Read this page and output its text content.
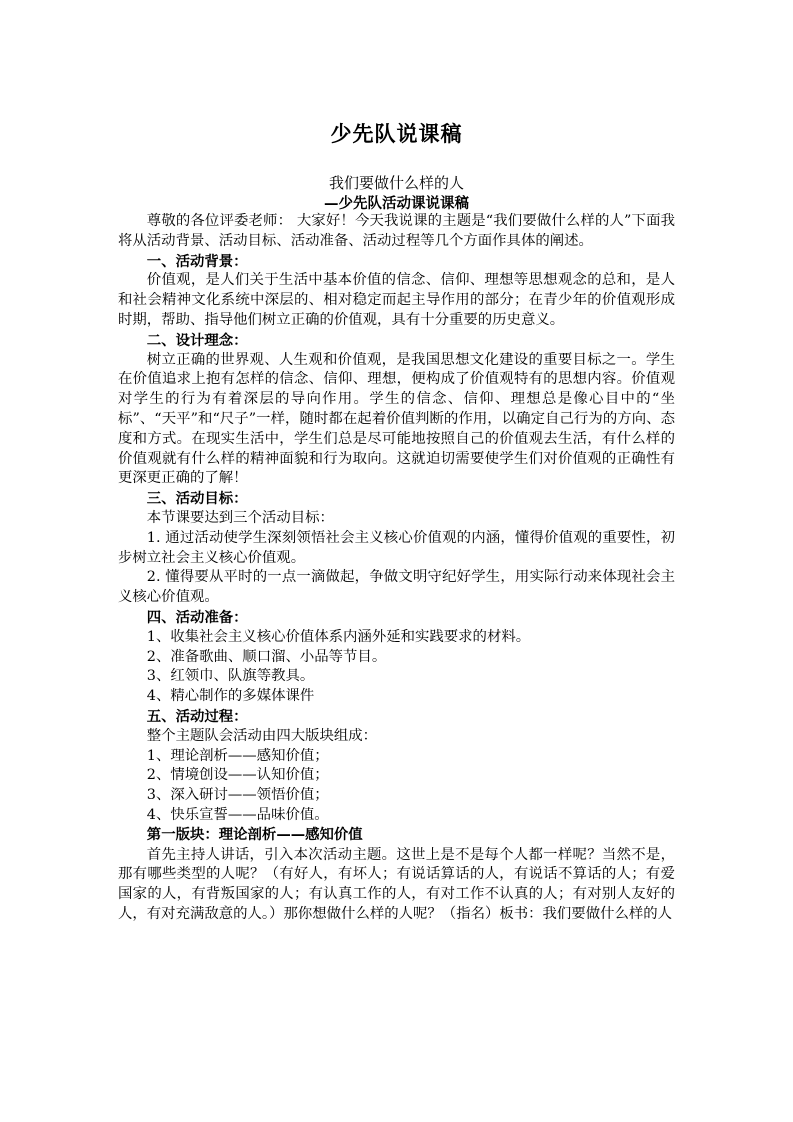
少先队说课稿
我们要做什么样的人
—少先队活动课说课稿

尊敬的各位评委老师： 大家好！今天我说课的主题是“我们要做什么样的人”下面我将从活动背景、活动目标、活动准备、活动过程等几个方面作具体的阐述。

一、活动背景：

价值观，是人们关于生活中基本价值的信念、信仰、理想等思想观念的总和，是人和社会精神文化系统中深层的、相对稳定而起主导作用的部分；在青少年的价值观形成时期，帮助、指导他们树立正确的价值观，具有十分重要的历史意义。

二、设计理念：

树立正确的世界观、人生观和价值观，是我国思想文化建设的重要目标之一。学生在价值追求上抱有怎样的信念、信仰、理想，便构成了价值观特有的思想内容。价值观对学生的行为有着深层的导向作用。学生的信念、信仰、理想总是像心目中的“坐标”、“天平”和“尺子”一样，随时都在起着价值判断的作用，以确定自己行为的方向、态度和方式。在现实生活中，学生们总是尽可能地按照自己的价值观去生活，有什么样的价值观就有什么样的精神面貌和行为取向。这就迫切需要使学生们对价值观的正确性有更深更正确的了解！

三、活动目标：

本节课要达到三个活动目标：

1. 通过活动使学生深刻领悟社会主义核心价值观的内涵，懂得价值观的重要性，初步树立社会主义核心价值观。

2. 懂得要从平时的一点一滴做起，争做文明守纪好学生，用实际行动来体现社会主义核心价值观。

四、活动准备：

1、收集社会主义核心价值体系内涵外延和实践要求的材料。

2、准备歌曲、顺口溜、小品等节目。

3、红领巾、队旗等教具。

4、精心制作的多媒体课件

五、活动过程：

整个主题队会活动由四大版块组成：

1、理论剖析——感知价值；

2、情境创设——认知价值；

3、深入研讨——领悟价值；

4、快乐宣誓——品味价值。

第一版块：理论剖析——感知价值

首先主持人讲话，引入本次活动主题。这世上是不是每个人都一样呢？当然不是，那有哪些类型的人呢？（有好人，有坏人；有说话算话的人，有说话不算话的人；有爱国家的人，有背叛国家的人；有认真工作的人，有对工作不认真的人；有对别人友好的人，有对充满敌意的人。）那你想做什么样的人呢？（指名）板书：我们要做什么样的人
